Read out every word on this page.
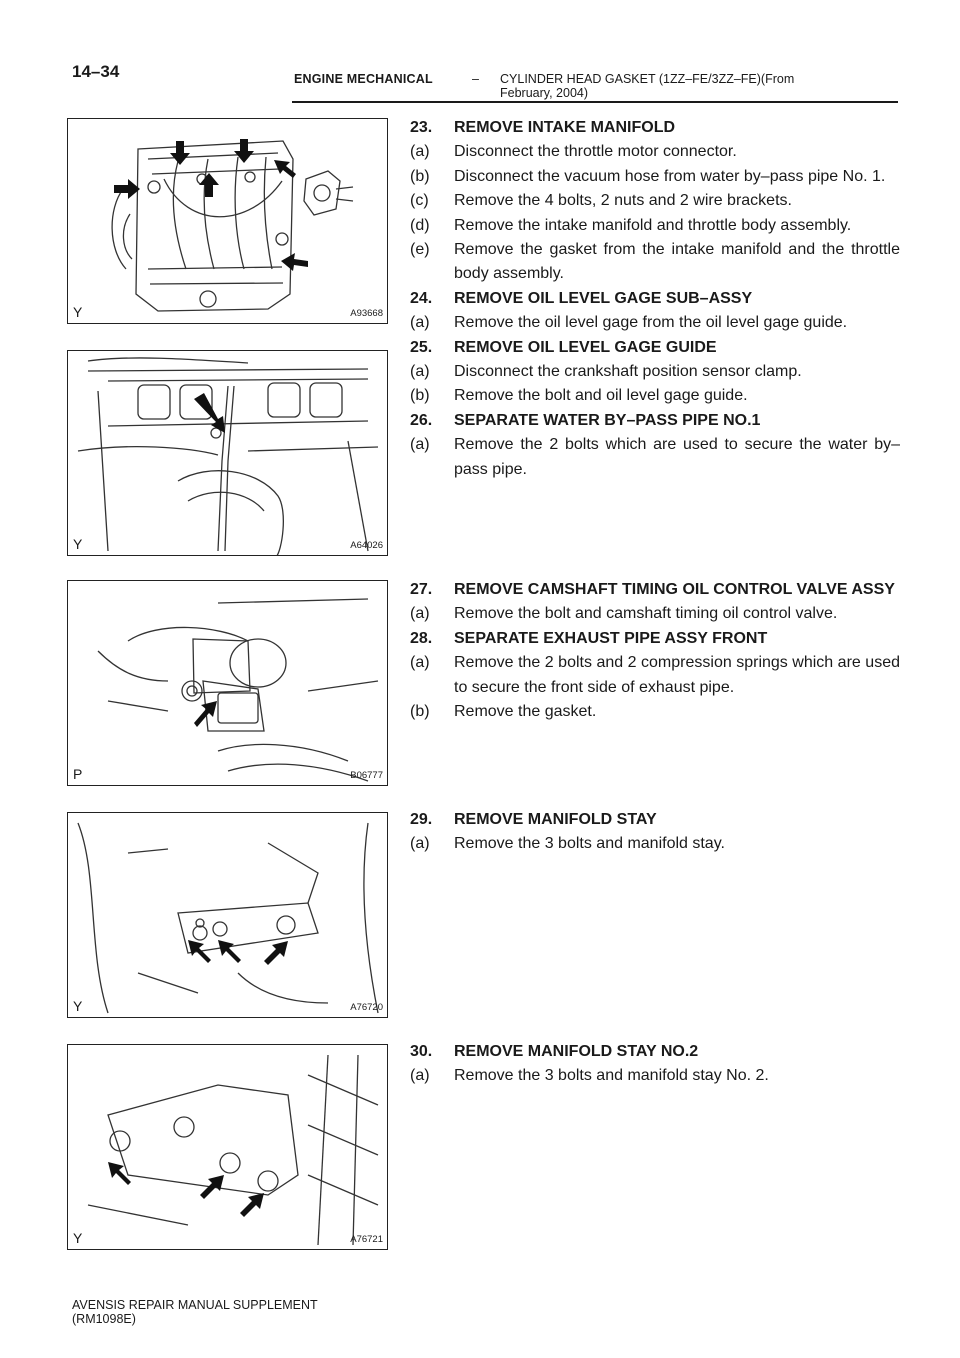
14–34	ENGINE MECHANICAL	– CYLINDER HEAD GASKET (1ZZ–FE/3ZZ–FE)(From
February, 2004)
Y	A93668
Y	A64026
P	B06777
Y	A76720
Y	A76721
23.	REMOVE INTAKE MANIFOLD
(a)	Disconnect the throttle motor connector.
(b)	Disconnect the vacuum hose from water by–pass pipe No. 1.
(c)	Remove the 4 bolts, 2 nuts and 2 wire brackets.
(d)	Remove the intake manifold and throttle body assembly.
(e)	Remove the gasket from the intake manifold and the throttle body assembly.
24.	REMOVE OIL LEVEL GAGE SUB–ASSY
(a)	Remove the oil level gage from the oil level gage guide.
25.	REMOVE OIL LEVEL GAGE GUIDE
(a)	Disconnect the crankshaft position sensor clamp.
(b)	Remove the bolt and oil level gage guide.
26.	SEPARATE WATER BY–PASS PIPE NO.1
(a)	Remove the 2 bolts which are used to secure the water by–pass pipe.
27.	REMOVE CAMSHAFT TIMING OIL CONTROL VALVE ASSY
(a)	Remove the bolt and camshaft timing oil control valve.
28.	SEPARATE EXHAUST PIPE ASSY FRONT
(a)	Remove the 2 bolts and 2 compression springs which are used to secure the front side of exhaust pipe.
(b)	Remove the gasket.
29.	REMOVE MANIFOLD STAY
(a)	Remove the 3 bolts and manifold stay.
30.	REMOVE MANIFOLD STAY NO.2
(a)	Remove the 3 bolts and manifold stay No. 2.
AVENSIS REPAIR MANUAL SUPPLEMENT
(RM1098E)
